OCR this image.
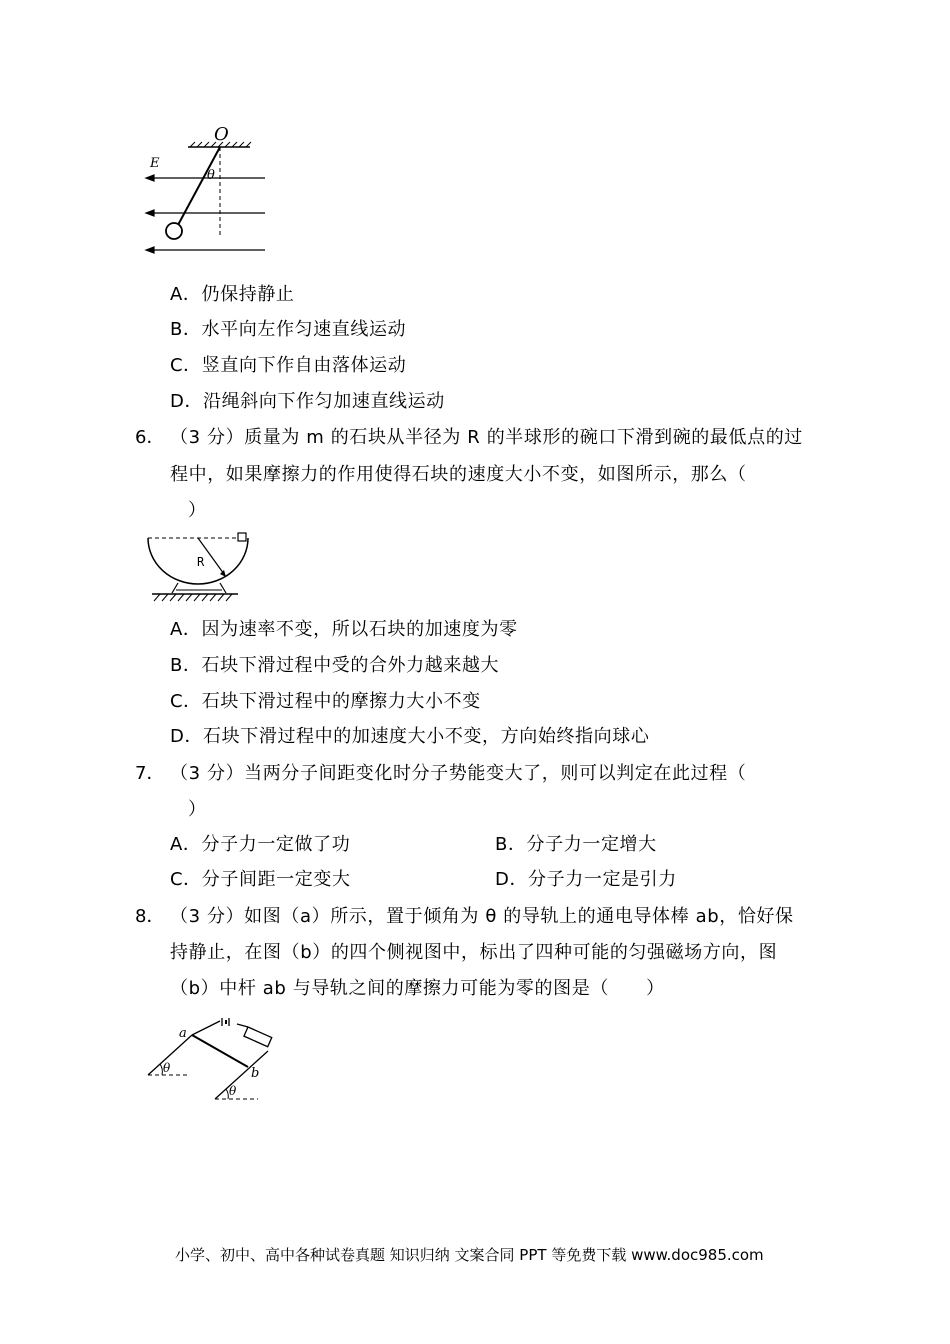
O
E
θ
A．仍保持静止
B．水平向左作匀速直线运动
C．竖直向下作自由落体运动
D．沿绳斜向下作匀加速直线运动
6． （3 分）质量为 m 的石块从半径为 R 的半球形的碗口下滑到碗的最低点的过
程中，如果摩擦力的作用使得石块的速度大小不变，如图所示，那么（
）
R
A．因为速率不变，所以石块的加速度为零
B．石块下滑过程中受的合外力越来越大
C．石块下滑过程中的摩擦力大小不变
D．石块下滑过程中的加速度大小不变，方向始终指向球心
7． （3 分）当两分子间距变化时分子势能变大了，则可以判定在此过程（
）
A．分子力一定做了功	B．分子力一定增大
C．分子间距一定变大	D．分子力一定是引力
8． （3 分）如图（a）所示，置于倾角为 θ 的导轨上的通电导体棒 ab，恰好保
持静止，在图（b）的四个侧视图中，标出了四种可能的匀强磁场方向，图
（b）中杆 ab 与导轨之间的摩擦力可能为零的图是（　　）
a
b
θ
θ
小学、初中、高中各种试卷真题 知识归纳 文案合同 PPT 等免费下载 www.doc985.com
